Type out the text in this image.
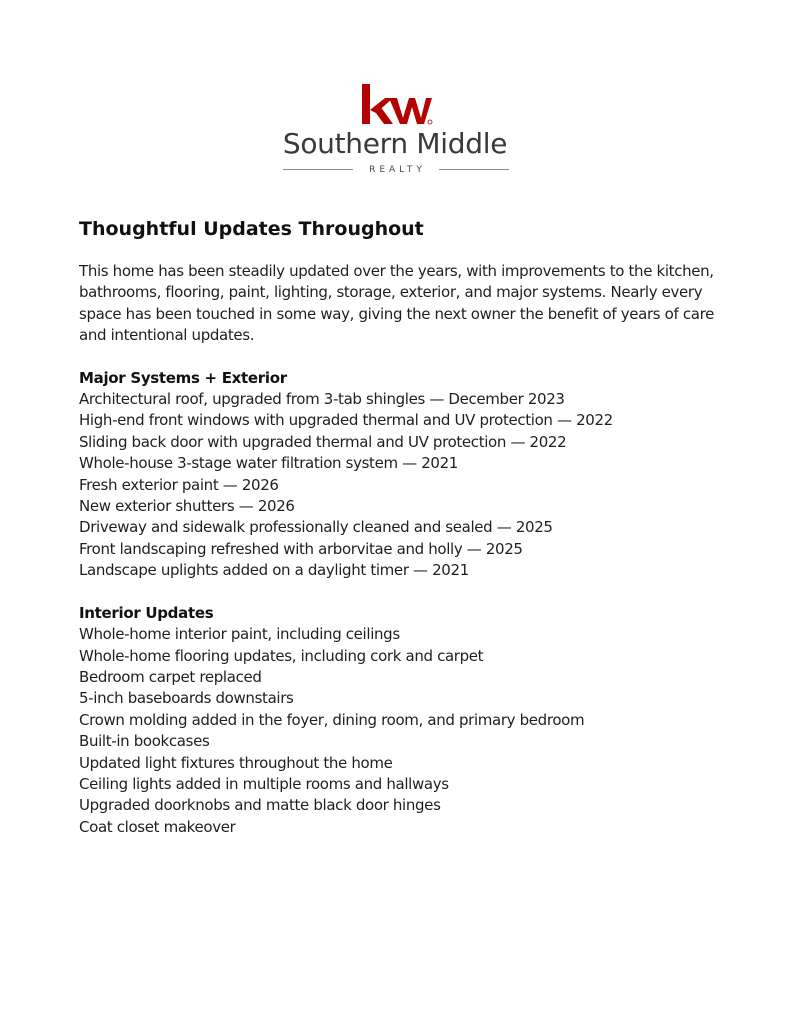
Southern Middle
REALTY
Thoughtful Updates Throughout

This home has been steadily updated over the years, with improvements to the kitchen, bathrooms, flooring, paint, lighting, storage, exterior, and major systems. Nearly every space has been touched in some way, giving the next owner the benefit of years of care and intentional updates.

Major Systems + Exterior
Architectural roof, upgraded from 3-tab shingles — December 2023
High-end front windows with upgraded thermal and UV protection — 2022
Sliding back door with upgraded thermal and UV protection — 2022
Whole-house 3-stage water filtration system — 2021
Fresh exterior paint — 2026
New exterior shutters — 2026
Driveway and sidewalk professionally cleaned and sealed — 2025
Front landscaping refreshed with arborvitae and holly — 2025
Landscape uplights added on a daylight timer — 2021
Interior Updates
Whole-home interior paint, including ceilings
Whole-home flooring updates, including cork and carpet
Bedroom carpet replaced
5-inch baseboards downstairs
Crown molding added in the foyer, dining room, and primary bedroom
Built-in bookcases
Updated light fixtures throughout the home
Ceiling lights added in multiple rooms and hallways
Upgraded doorknobs and matte black door hinges
Coat closet makeover
